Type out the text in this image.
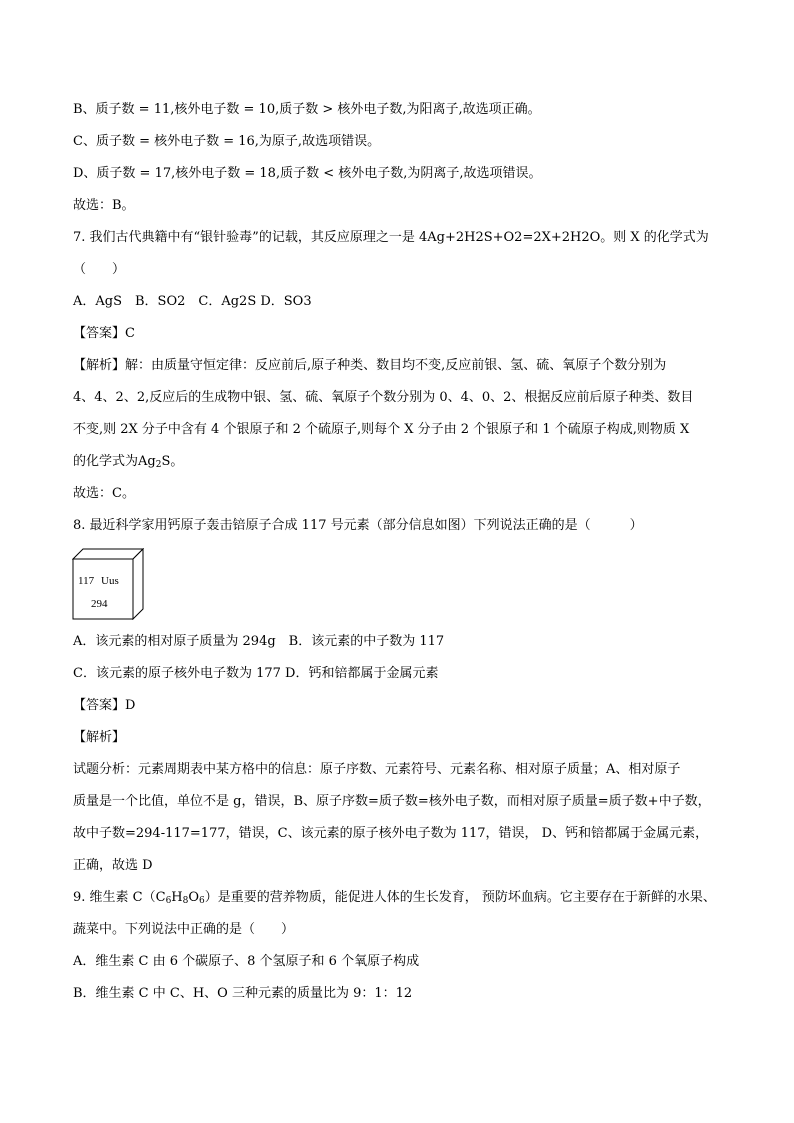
B、质子数 = 11,核外电子数 = 10,质子数 > 核外电子数,为阳离子,故选项正确。
C、质子数 = 核外电子数 = 16,为原子,故选项错误。
D、质子数 = 17,核外电子数 = 18,质子数 < 核外电子数,为阴离子,故选项错误。
故选：B。
7. 我们古代典籍中有“银针验毒”的记载，其反应原理之一是 4Ag+2H2S+O2=2X+2H2O。则 X 的化学式为
（　　）
A．AgS　B．SO2　C．Ag2S D．SO3
【答案】C
【解析】解：由质量守恒定律：反应前后,原子种类、数目均不变,反应前银、氢、硫、氧原子个数分别为
4、4、2、2,反应后的生成物中银、氢、硫、氧原子个数分别为 0、4、0、2、根据反应前后原子种类、数目
不变,则 2X 分子中含有 4 个银原子和 2 个硫原子,则每个 X 分子由 2 个银原子和 1 个硫原子构成,则物质 X
的化学式为$Ag_2S$。
故选：C。
8. 最近科学家用钙原子轰击锫原子合成 117 号元素（部分信息如图）下列说法正确的是（　　　）
117 Uus
294
A．该元素的相对原子质量为 294g　B．该元素的中子数为 117
C．该元素的原子核外电子数为 177 D．钙和锫都属于金属元素
【答案】D
【解析】
试题分析：元素周期表中某方格中的信息：原子序数、元素符号、元素名称、相对原子质量；A、相对原子
质量是一个比值，单位不是 g，错误，B、原子序数=质子数=核外电子数，而相对原子质量=质子数+中子数，
故中子数=294-117=177，错误，C、该元素的原子核外电子数为 117，错误， D、钙和锫都属于金属元素，
正确，故选 D
9. 维生素 $C(C_6H_8O_6)$是重要的营养物质，能促进人体的生长发育， 预防坏血病。它主要存在于新鲜的水果、
蔬菜中。下列说法中正确的是（　　）
A．维生素 C 由 6 个碳原子、8 个氢原子和 6 个氧原子构成
B．维生素 C 中 C、H、O 三种元素的质量比为 9：1：12
